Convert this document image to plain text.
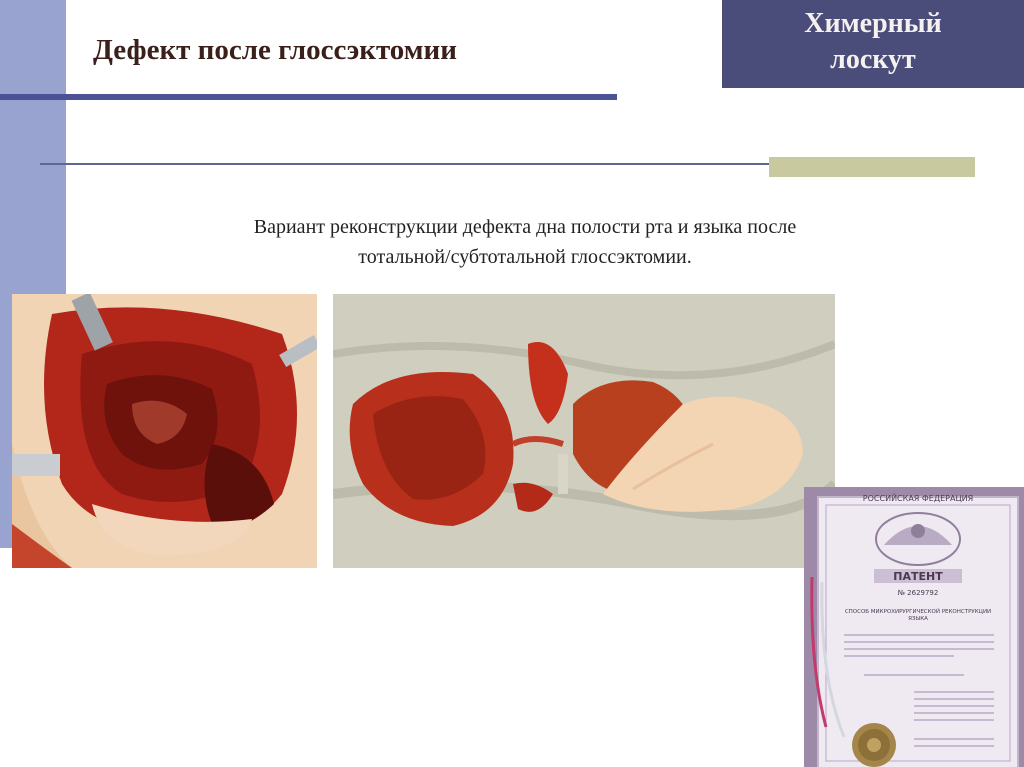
Дефект после глоссэктомии
Химерный
лоскут
Вариант реконструкции дефекта дна полости рта и языка после
тотальной/субтотальной глоссэктомии.
РОССИЙСКАЯ ФЕДЕРАЦИЯ
ПАТЕНТ
№ 2629792
СПОСОБ МИКРОХИРУРГИЧЕСКОЙ РЕКОНСТРУКЦИИ
ЯЗЫКА
